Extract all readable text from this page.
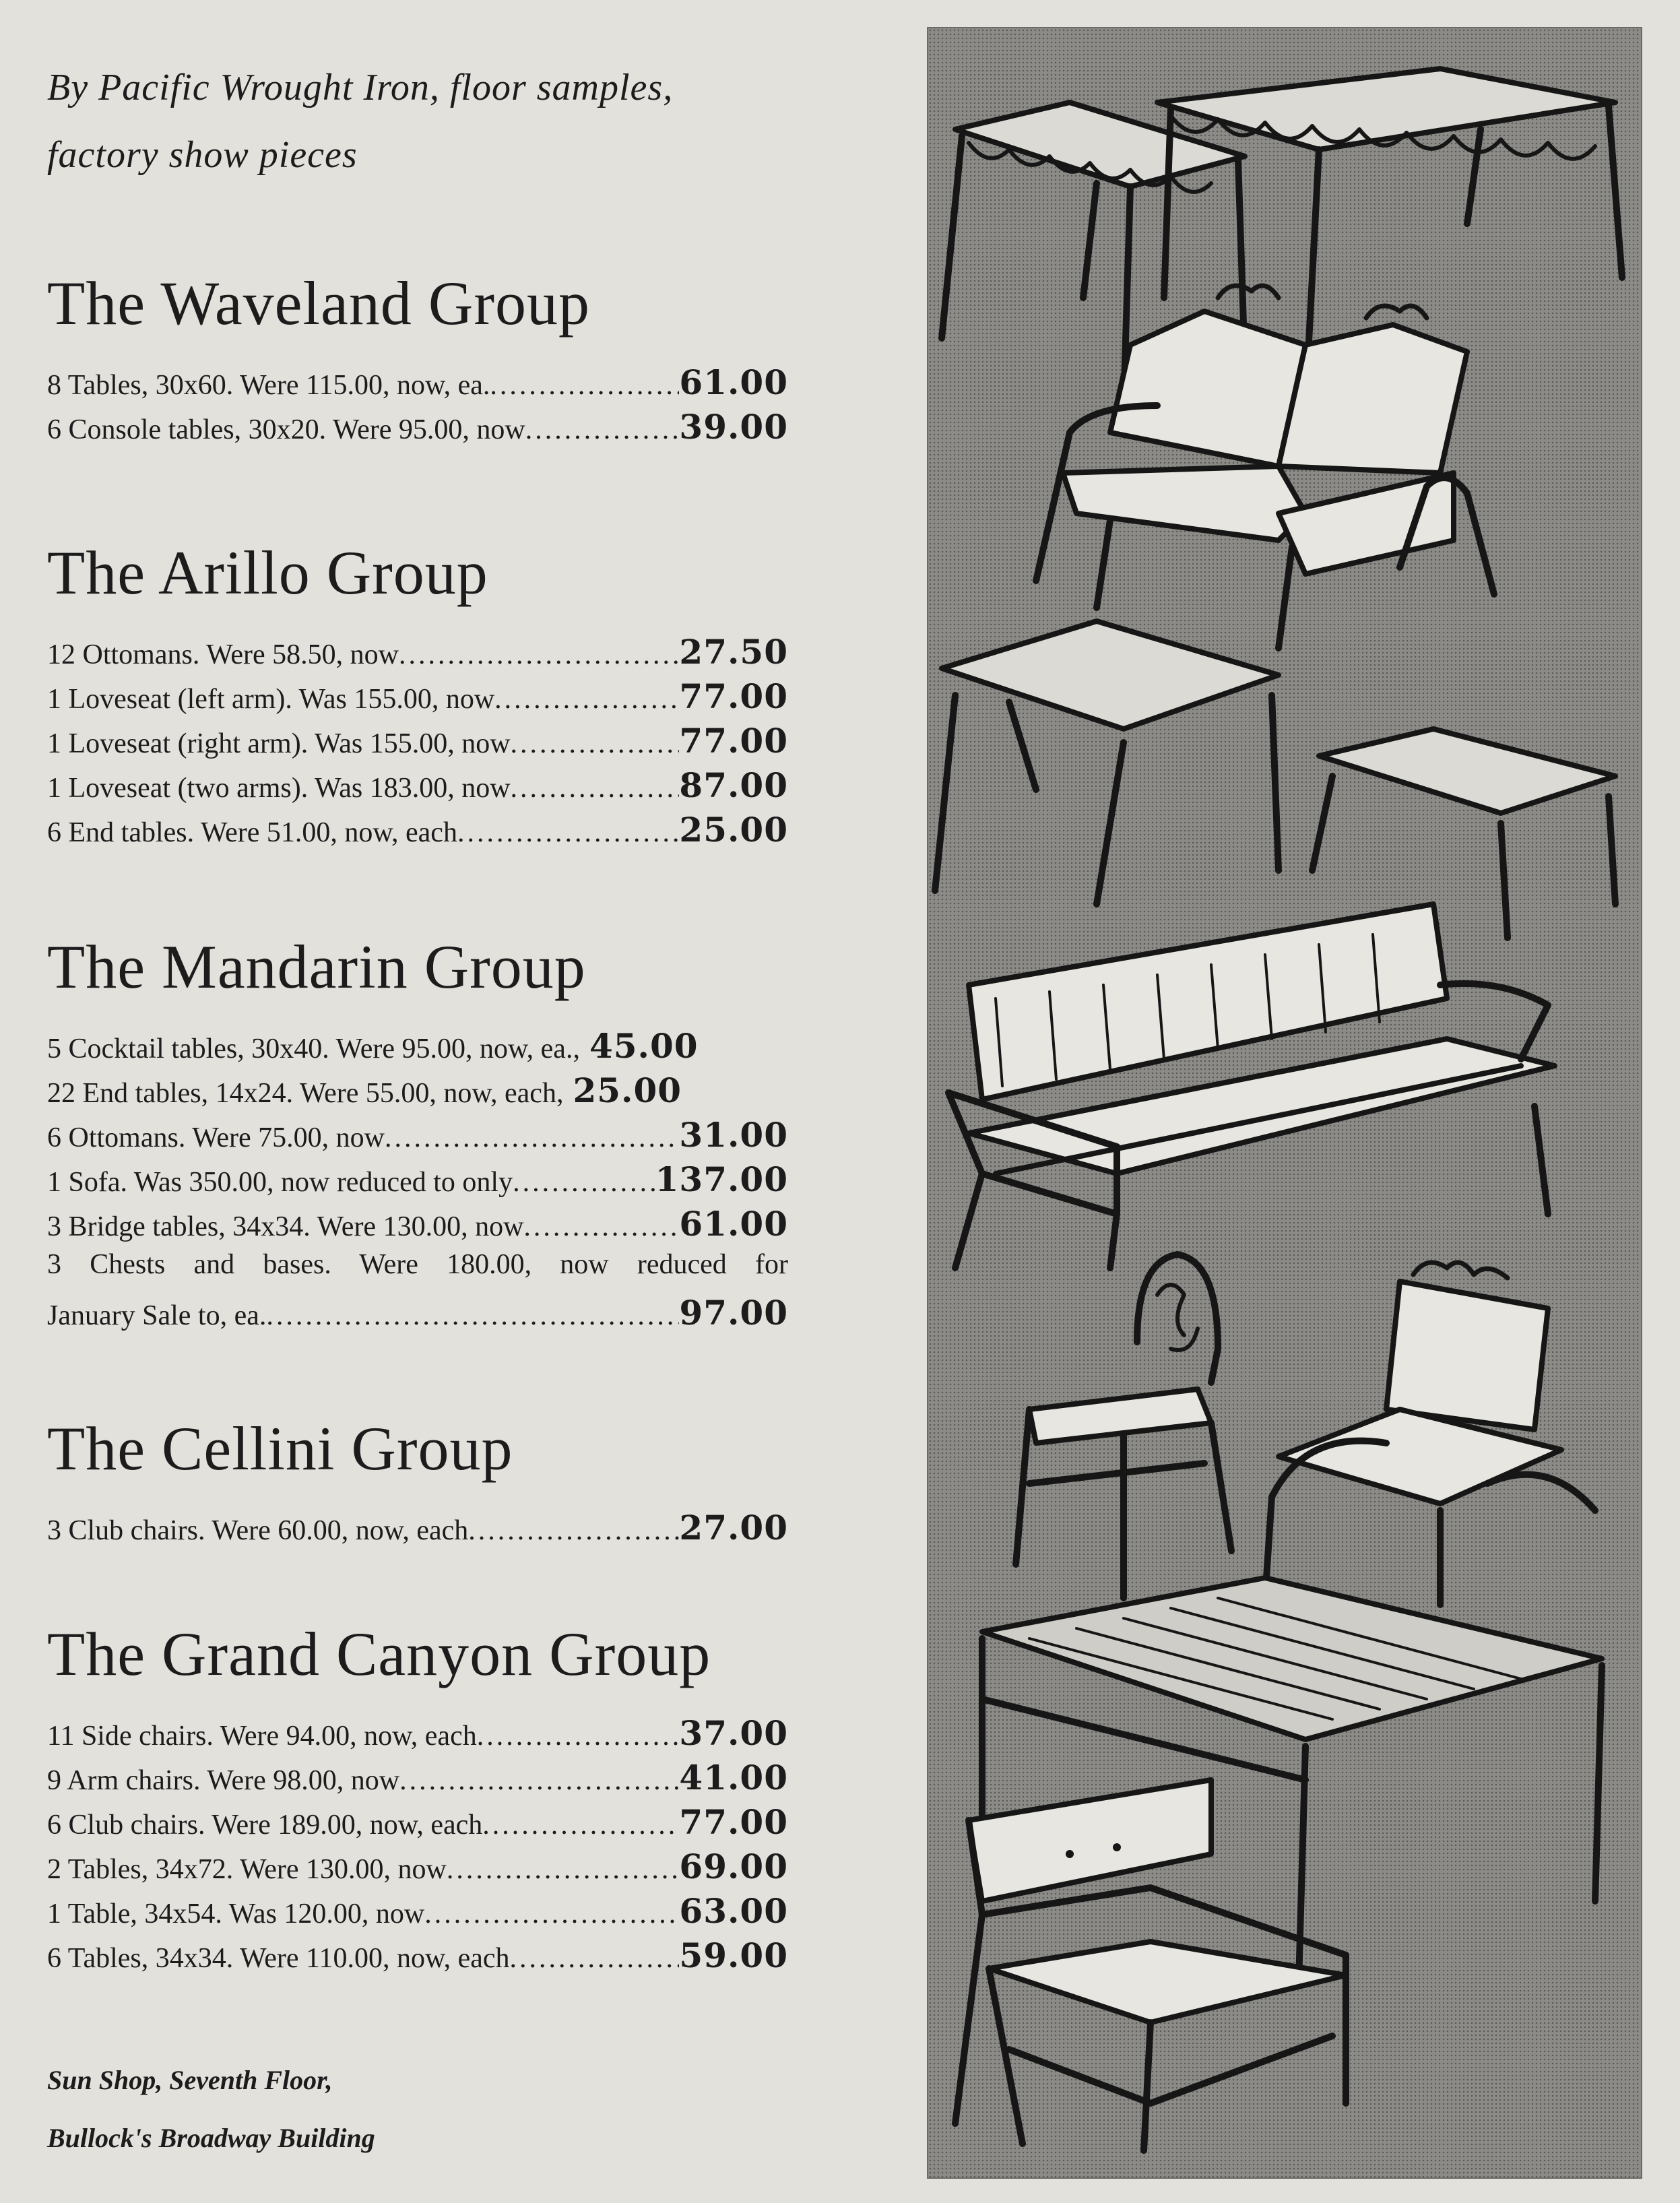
By Pacific Wrought Iron, floor samples,

factory show pieces

The Waveland Group
8 Tables, 30x60. Were 115.00, now, ea. .....	61.00
6 Console tables, 30x20. Were 95.00, now .....	39.00
The Arillo Group
12 Ottomans. Were 58.50, now .....	27.50
1 Loveseat (left arm). Was 155.00, now .....	77.00
1 Loveseat (right arm). Was 155.00, now .....	77.00
1 Loveseat (two arms). Was 183.00, now .....	87.00
6 End tables. Were 51.00, now, each .....	25.00
The Mandarin Group
5 Cocktail tables, 30x40. Were 95.00, now, ea., 45.00
22 End tables, 14x24. Were 55.00, now, each, 25.00
6 Ottomans. Were 75.00, now .....	31.00
1 Sofa. Was 350.00, now reduced to only .....	137.00
3 Bridge tables, 34x34. Were 130.00, now .....	61.00
3 Chests and bases. Were 180.00, now reduced for
January Sale to, ea. .....	97.00
The Cellini Group
3 Club chairs. Were 60.00, now, each .....	27.00
The Grand Canyon Group
11 Side chairs. Were 94.00, now, each .....	37.00
9 Arm chairs. Were 98.00, now .....	41.00
6 Club chairs. Were 189.00, now, each .....	77.00
2 Tables, 34x72. Were 130.00, now .....	69.00
1 Table, 34x54. Was 120.00, now .....	63.00
6 Tables, 34x34. Were 110.00, now, each .....	59.00
Sun Shop, Seventh Floor,
Bullock's Broadway Building
